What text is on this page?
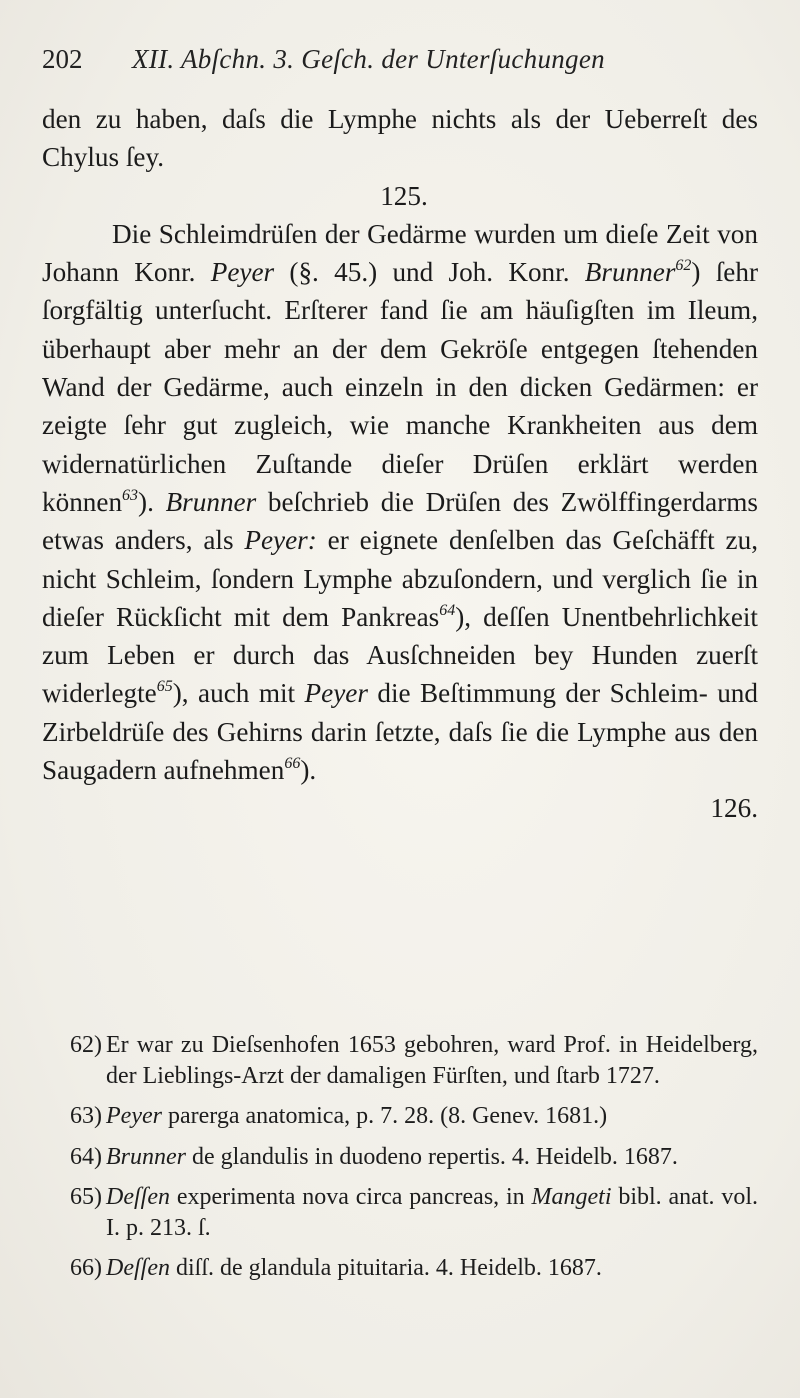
202 XII. Abſchn. 3. Geſch. der Unterſuchungen

den zu haben, daſs die Lymphe nichts als der Ueberreſt des Chylus ſey.

125.

Die Schleimdrüſen der Gedärme wurden um dieſe Zeit von Johann Konr. Peyer (§. 45.) und Joh. Konr. Brunner$^{62}$) ſehr ſorgfältig unterſucht. Erſterer fand ſie am häuſigſten im Ileum, überhaupt aber mehr an der dem Gekröſe entgegen ſtehenden Wand der Gedärme, auch einzeln in den dicken Gedärmen: er zeigte ſehr gut zugleich, wie manche Krankheiten aus dem widernatürlichen Zuſtande dieſer Drüſen erklärt werden können$^{63}$). Brunner beſchrieb die Drüſen des Zwölffingerdarms etwas anders, als Peyer: er eignete denſelben das Geſchäfft zu, nicht Schleim, ſondern Lymphe abzuſondern, und verglich ſie in dieſer Rückſicht mit dem Pankreas$^{64}$), deſſen Unentbehrlichkeit zum Leben er durch das Ausſchneiden bey Hunden zuerſt widerlegte$^{65}$), auch mit Peyer die Beſtimmung der Schleim- und Zirbeldrüſe des Gehirns darin ſetzte, daſs ſie die Lymphe aus den Saugadern aufnehmen$^{66}$).

126.

62) Er war zu Dieſsenhofen 1653 gebohren, ward Prof. in Heidelberg, der Lieblings-Arzt der damaligen Fürſten, und ſtarb 1727.

63) Peyer parerga anatomica, p. 7. 28. (8. Genev. 1681.)

64) Brunner de glandulis in duodeno repertis. 4. Heidelb. 1687.

65) Deſſen experimenta nova circa pancreas, in Mangeti bibl. anat. vol. I. p. 213. ſ.

66) Deſſen diſſ. de glandula pituitaria. 4. Heidelb. 1687.
